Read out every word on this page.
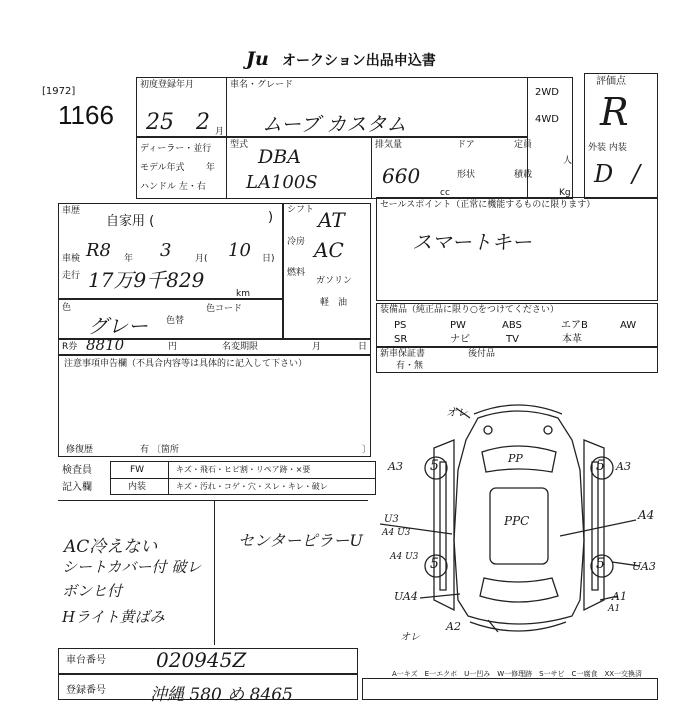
Ju オークション出品申込書
[1972]
1166
初度登録年月
25 2 月
ディーラー・並行
モデル年式 年
ハンドル 左・右
車名・グレード
ムーブ カスタム
型式
DBA
LA100S
2WD
4WD
排気量
660
cc
ドア	定員
人
形状	積載
Kg
評価点
R
外装 内装
D /
車歴
自家用 (	)
車検 R8 年 3	月( 10 日)
走行 17万9千829
km
色
グレー 色替
色コード
シフト AT
冷房 AC
燃料
ガソリン
軽　油
セールスポイント（正常に機能するものに限ります）
スマートキー
装備品（純正品に限り○をつけてください）
PS	PW	ABS	エアB	AW
SR	ナビ	TV	本革
新車保証書
有・無
後付品
R券 8810	円	名変期限	月	日
注意事項申告欄（不具合内容等は具体的に記入して下さい）
修復歴	有 〔箇所	〕
検査員
記入欄
FW	キズ・飛石・ヒビ割・リペア跡・×要
内装	キズ・汚れ・コゲ・穴・スレ・キレ・破レ
AC冷えない
シートカバー付 破レ
ボンヒ付
Hライト黄ばみ
センターピラーU
オレ
A3	A3
PP
PPC	A4
U3
A4 U3
A4 U3
UA4
UA3
A1
A1
A2
オレ
5	5
5	5
車台番号	020945Z
登録番号	沖縄 580 め 8465
A一キズ　E一エクボ　U一凹み　W一修理跡　S一サビ　C一腐食　XX一交換済
